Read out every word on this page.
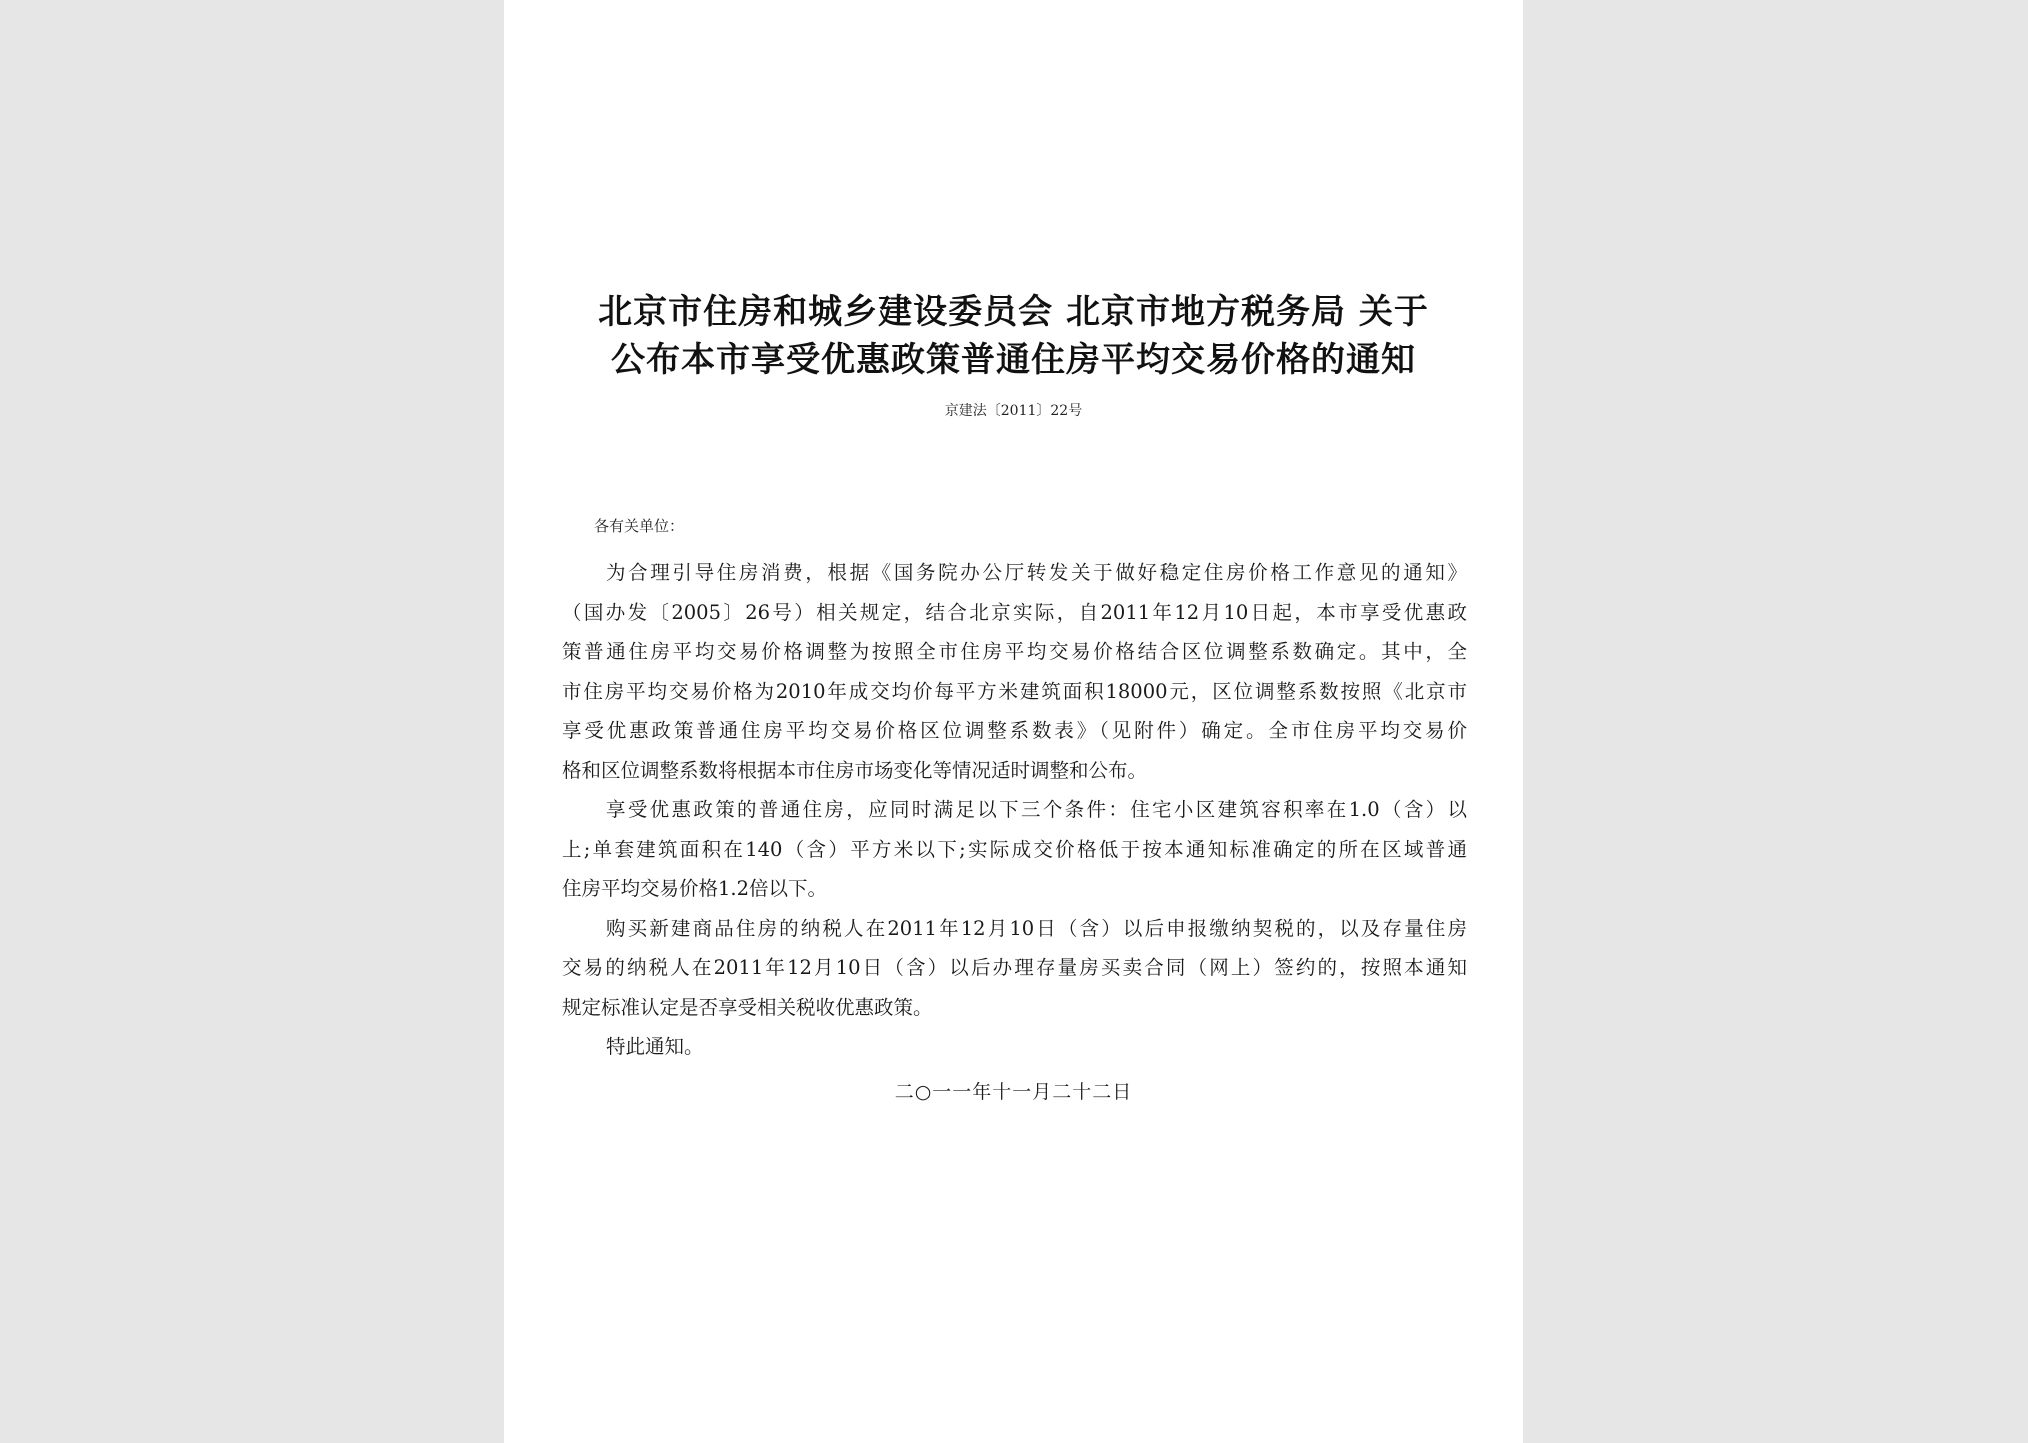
北京市住房和城乡建设委员会 北京市地方税务局 关于
公布本市享受优惠政策普通住房平均交易价格的通知
京建法〔2011〕22号
各有关单位：
为合理引导住房消费，根据《国务院办公厅转发关于做好稳定住房价格工作意见的通知》
（国办发〔2005〕26号）相关规定，结合北京实际，自2011年12月10日起，本市享受优惠政
策普通住房平均交易价格调整为按照全市住房平均交易价格结合区位调整系数确定。其中，全
市住房平均交易价格为2010年成交均价每平方米建筑面积18000元，区位调整系数按照《北京市
享受优惠政策普通住房平均交易价格区位调整系数表》（见附件）确定。全市住房平均交易价
格和区位调整系数将根据本市住房市场变化等情况适时调整和公布。
享受优惠政策的普通住房，应同时满足以下三个条件：住宅小区建筑容积率在1.0（含）以
上;单套建筑面积在140（含）平方米以下;实际成交价格低于按本通知标准确定的所在区域普通
住房平均交易价格1.2倍以下。
购买新建商品住房的纳税人在2011年12月10日（含）以后申报缴纳契税的，以及存量住房
交易的纳税人在2011年12月10日（含）以后办理存量房买卖合同（网上）签约的，按照本通知
规定标准认定是否享受相关税收优惠政策。
特此通知。
二○一一年十一月二十二日
